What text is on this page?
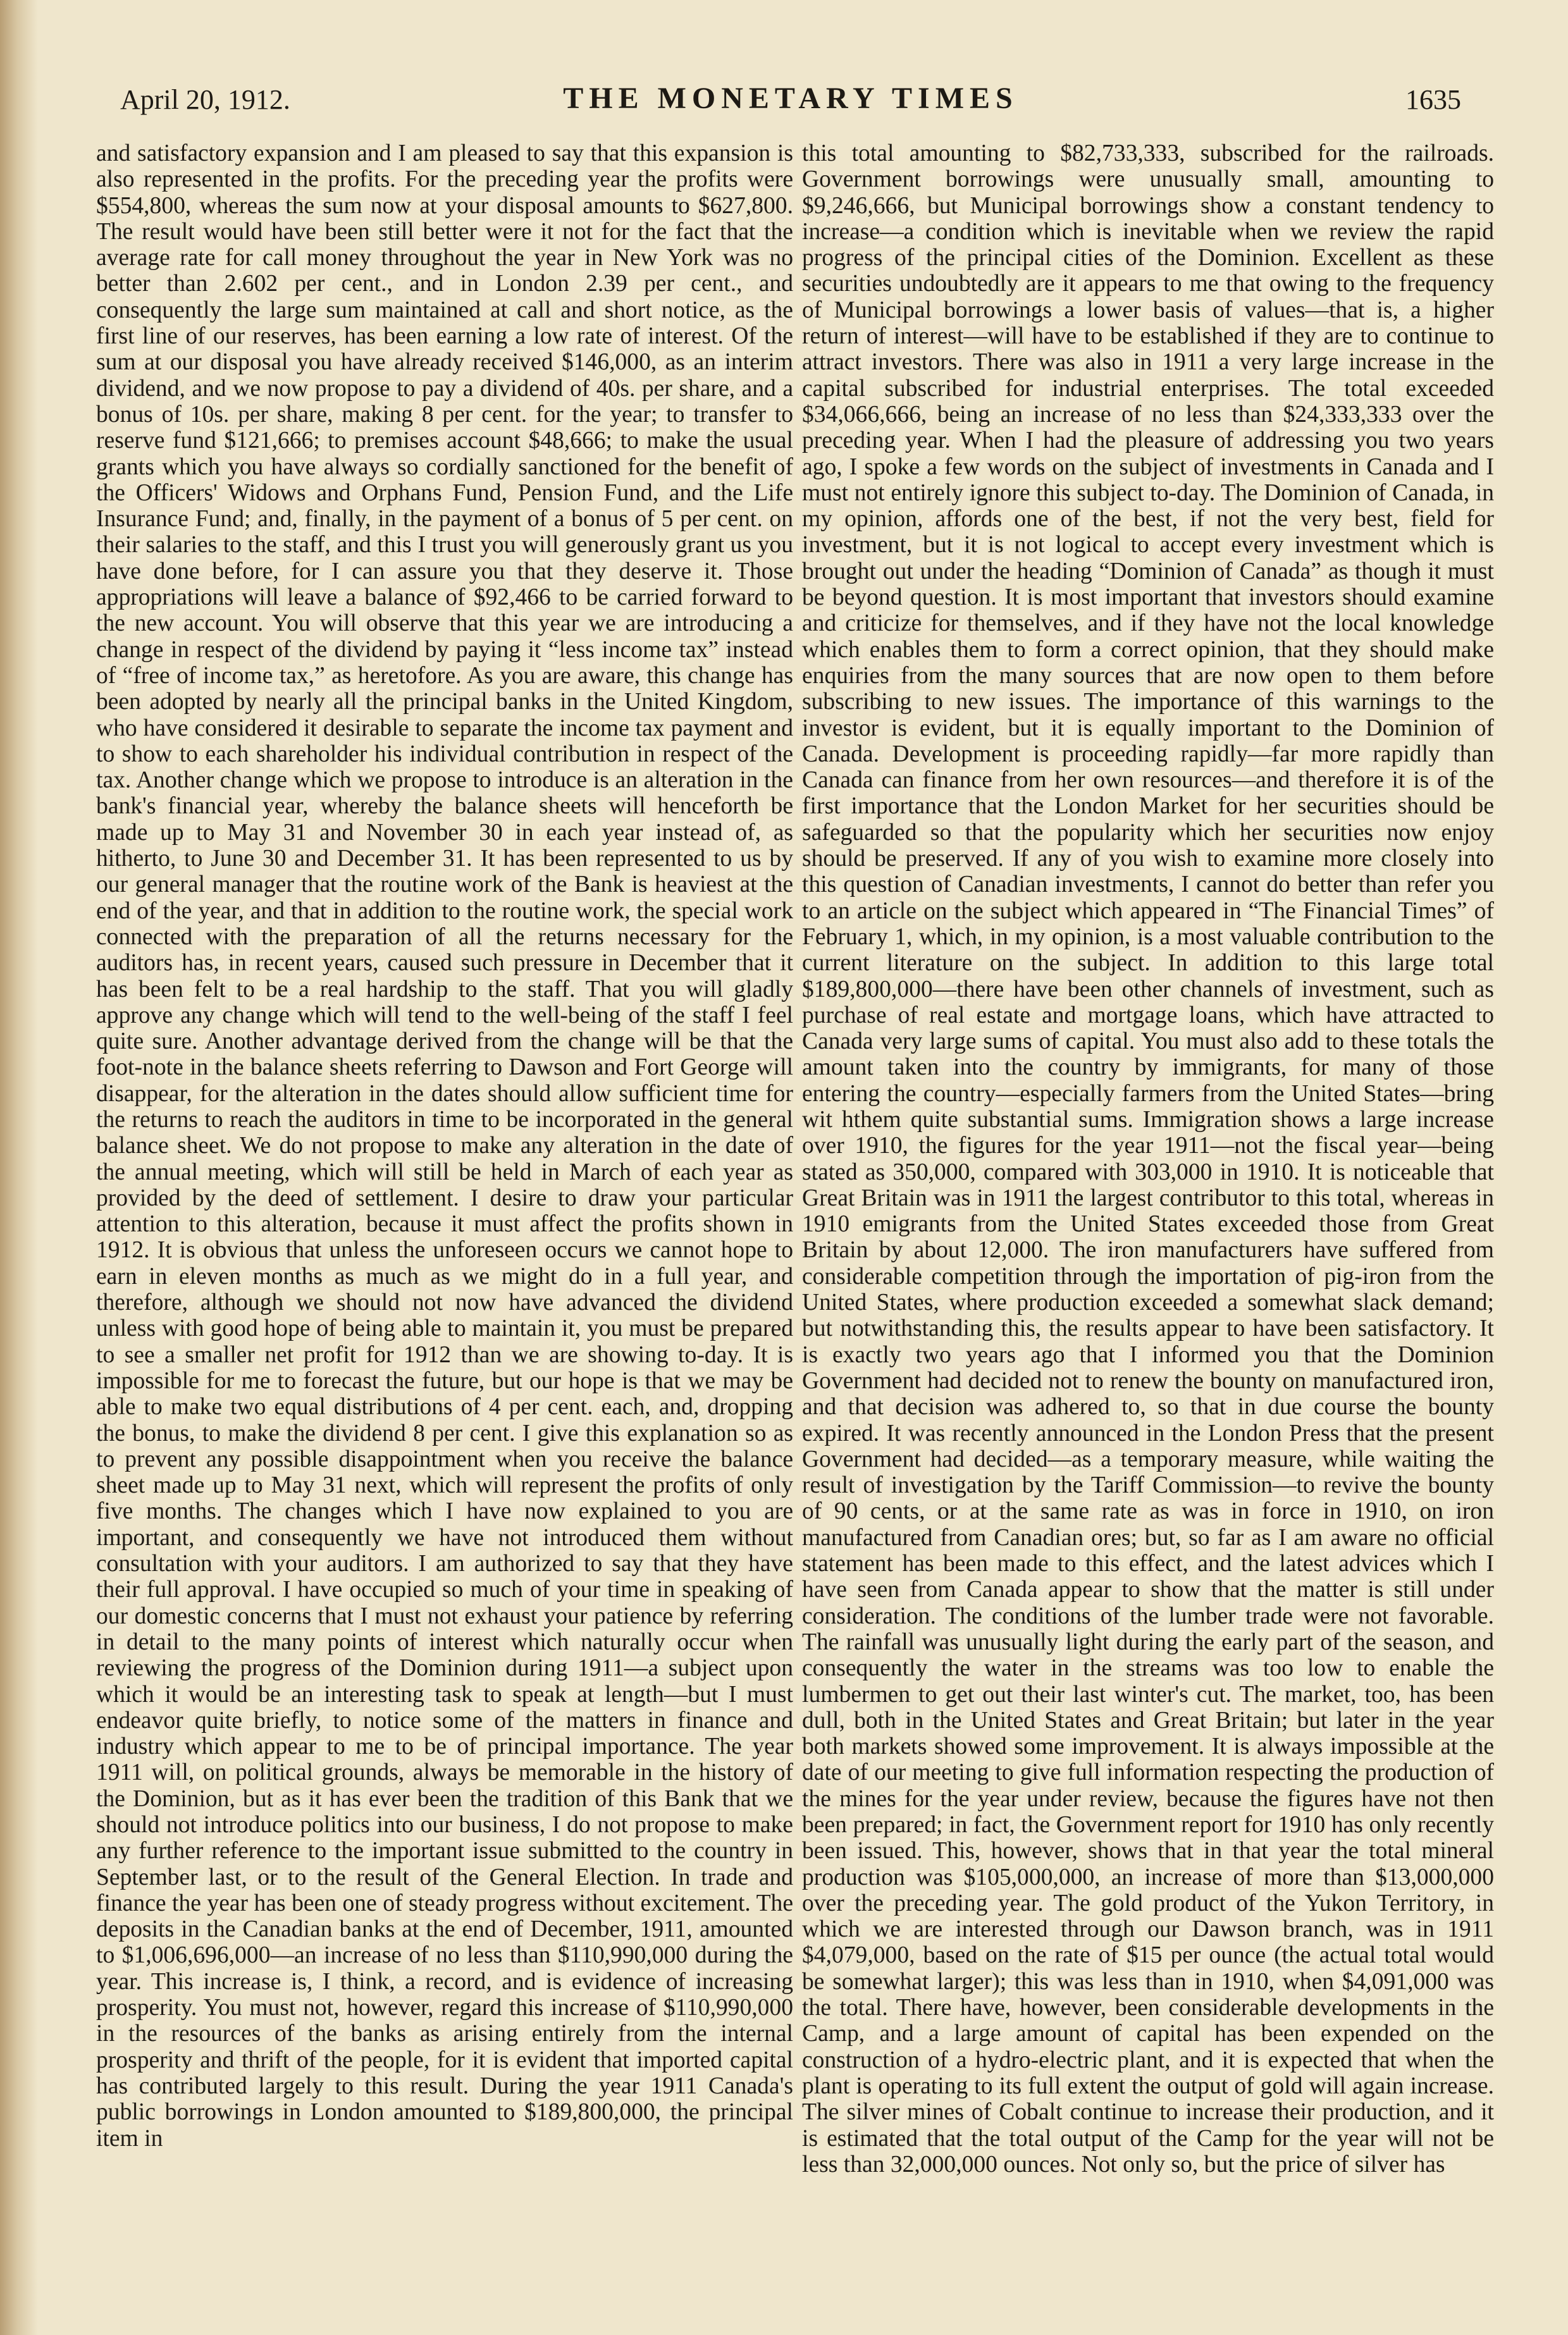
April 20, 1912.	THE MONETARY TIMES	1635

and satisfactory expansion and I am pleased to say that this expansion is also represented in the profits. For the preceding year the profits were $554,800, whereas the sum now at your disposal amounts to $627,800. The result would have been still better were it not for the fact that the average rate for call money throughout the year in New York was no better than 2.602 per cent., and in London 2.39 per cent., and consequently the large sum maintained at call and short notice, as the first line of our reserves, has been earning a low rate of interest. Of the sum at our disposal you have already received $146,000, as an interim dividend, and we now propose to pay a dividend of 40s. per share, and a bonus of 10s. per share, making 8 per cent. for the year; to transfer to reserve fund $121,666; to premises account $48,666; to make the usual grants which you have always so cordially sanctioned for the benefit of the Officers' Widows and Orphans Fund, Pension Fund, and the Life Insurance Fund; and, finally, in the payment of a bonus of 5 per cent. on their salaries to the staff, and this I trust you will generously grant us you have done before, for I can assure you that they deserve it. Those appropriations will leave a balance of $92,466 to be carried forward to the new account. You will observe that this year we are introducing a change in respect of the dividend by paying it “less income tax” instead of “free of income tax,” as heretofore. As you are aware, this change has been adopted by nearly all the principal banks in the United Kingdom, who have considered it desirable to separate the income tax payment and to show to each shareholder his individual contribution in respect of the tax. Another change which we propose to introduce is an alteration in the bank's financial year, whereby the balance sheets will henceforth be made up to May 31 and November 30 in each year instead of, as hitherto, to June 30 and December 31. It has been represented to us by our general manager that the routine work of the Bank is heaviest at the end of the year, and that in addition to the routine work, the special work connected with the preparation of all the returns necessary for the auditors has, in recent years, caused such pressure in December that it has been felt to be a real hardship to the staff. That you will gladly approve any change which will tend to the well-being of the staff I feel quite sure. Another advantage derived from the change will be that the foot-note in the balance sheets referring to Dawson and Fort George will disappear, for the alteration in the dates should allow sufficient time for the returns to reach the auditors in time to be incorporated in the general balance sheet. We do not propose to make any alteration in the date of the annual meeting, which will still be held in March of each year as provided by the deed of settlement. I desire to draw your particular attention to this alteration, because it must affect the profits shown in 1912. It is obvious that unless the unforeseen occurs we cannot hope to earn in eleven months as much as we might do in a full year, and therefore, although we should not now have advanced the dividend unless with good hope of being able to maintain it, you must be prepared to see a smaller net profit for 1912 than we are showing to-day. It is impossible for me to forecast the future, but our hope is that we may be able to make two equal distributions of 4 per cent. each, and, dropping the bonus, to make the dividend 8 per cent. I give this explanation so as to prevent any possible disappointment when you receive the balance sheet made up to May 31 next, which will represent the profits of only five months. The changes which I have now explained to you are important, and consequently we have not introduced them without consultation with your auditors. I am authorized to say that they have their full approval. I have occupied so much of your time in speaking of our domestic concerns that I must not exhaust your patience by referring in detail to the many points of interest which naturally occur when reviewing the progress of the Dominion during 1911—a subject upon which it would be an interesting task to speak at length—but I must endeavor quite briefly, to notice some of the matters in finance and industry which appear to me to be of principal importance. The year 1911 will, on political grounds, always be memorable in the history of the Dominion, but as it has ever been the tradition of this Bank that we should not introduce politics into our business, I do not propose to make any further reference to the important issue submitted to the country in September last, or to the result of the General Election. In trade and finance the year has been one of steady progress without excitement. The deposits in the Canadian banks at the end of December, 1911, amounted to $1,006,696,000—an increase of no less than $110,990,000 during the year. This increase is, I think, a record, and is evidence of increasing prosperity. You must not, however, regard this increase of $110,990,000 in the resources of the banks as arising entirely from the internal prosperity and thrift of the people, for it is evident that imported capital has contributed largely to this result. During the year 1911 Canada's public borrowings in London amounted to $189,800,000, the principal item in

this total amounting to $82,733,333, subscribed for the railroads. Government borrowings were unusually small, amounting to $9,246,666, but Municipal borrowings show a constant tendency to increase—a condition which is inevitable when we review the rapid progress of the principal cities of the Dominion. Excellent as these securities undoubtedly are it appears to me that owing to the frequency of Municipal borrowings a lower basis of values—that is, a higher return of interest—will have to be established if they are to continue to attract investors. There was also in 1911 a very large increase in the capital subscribed for industrial enterprises. The total exceeded $34,066,666, being an increase of no less than $24,333,333 over the preceding year. When I had the pleasure of addressing you two years ago, I spoke a few words on the subject of investments in Canada and I must not entirely ignore this subject to-day. The Dominion of Canada, in my opinion, affords one of the best, if not the very best, field for investment, but it is not logical to accept every investment which is brought out under the heading “Dominion of Canada” as though it must be beyond question. It is most important that investors should examine and criticize for themselves, and if they have not the local knowledge which enables them to form a correct opinion, that they should make enquiries from the many sources that are now open to them before subscribing to new issues. The importance of this warnings to the investor is evident, but it is equally important to the Dominion of Canada. Development is proceeding rapidly—far more rapidly than Canada can finance from her own resources—and therefore it is of the first importance that the London Market for her securities should be safeguarded so that the popularity which her securities now enjoy should be preserved. If any of you wish to examine more closely into this question of Canadian investments, I cannot do better than refer you to an article on the subject which appeared in “The Financial Times” of February 1, which, in my opinion, is a most valuable contribution to the current literature on the subject. In addition to this large total $189,800,000—there have been other channels of investment, such as purchase of real estate and mortgage loans, which have attracted to Canada very large sums of capital. You must also add to these totals the amount taken into the country by immigrants, for many of those entering the country—especially farmers from the United States—bring wit hthem quite substantial sums. Immigration shows a large increase over 1910, the figures for the year 1911—not the fiscal year—being stated as 350,000, compared with 303,000 in 1910. It is noticeable that Great Britain was in 1911 the largest contributor to this total, whereas in 1910 emigrants from the United States exceeded those from Great Britain by about 12,000. The iron manufacturers have suffered from considerable competition through the importation of pig-iron from the United States, where production exceeded a somewhat slack demand; but notwithstanding this, the results appear to have been satisfactory. It is exactly two years ago that I informed you that the Dominion Government had decided not to renew the bounty on manufactured iron, and that decision was adhered to, so that in due course the bounty expired. It was recently announced in the London Press that the present Government had decided—as a temporary measure, while waiting the result of investigation by the Tariff Commission—to revive the bounty of 90 cents, or at the same rate as was in force in 1910, on iron manufactured from Canadian ores; but, so far as I am aware no official statement has been made to this effect, and the latest advices which I have seen from Canada appear to show that the matter is still under consideration. The conditions of the lumber trade were not favorable. The rainfall was unusually light during the early part of the season, and consequently the water in the streams was too low to enable the lumbermen to get out their last winter's cut. The market, too, has been dull, both in the United States and Great Britain; but later in the year both markets showed some improvement. It is always impossible at the date of our meeting to give full information respecting the production of the mines for the year under review, because the figures have not then been prepared; in fact, the Government report for 1910 has only recently been issued. This, however, shows that in that year the total mineral production was $105,000,000, an increase of more than $13,000,000 over the preceding year. The gold product of the Yukon Territory, in which we are interested through our Dawson branch, was in 1911 $4,079,000, based on the rate of $15 per ounce (the actual total would be somewhat larger); this was less than in 1910, when $4,091,000 was the total. There have, however, been considerable developments in the Camp, and a large amount of capital has been expended on the construction of a hydro-electric plant, and it is expected that when the plant is operating to its full extent the output of gold will again increase. The silver mines of Cobalt continue to increase their production, and it is estimated that the total output of the Camp for the year will not be less than 32,000,000 ounces. Not only so, but the price of silver has
